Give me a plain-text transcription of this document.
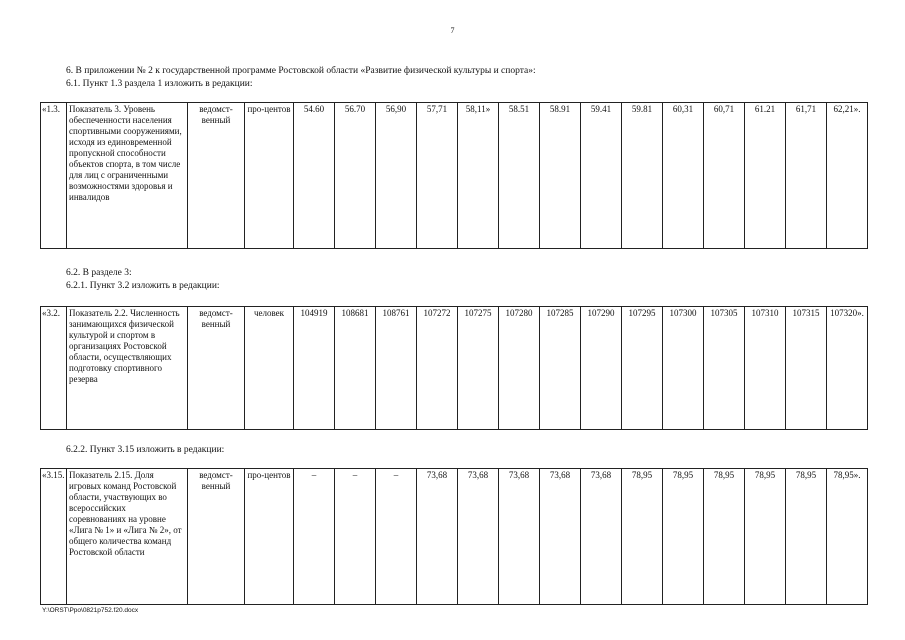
7
6. В приложении № 2 к государственной программе Ростовской области «Развитие физической культуры и спорта»:
6.1. Пункт 1.3 раздела 1 изложить в редакции:
«1.3.	Показатель 3. Уровень обеспеченности населения спортивными сооружениями, исходя из единовременной пропускной способности объектов спорта, в том числе для лиц с ограниченными возможностями здоровья и инвалидов	ведомст-венный	про-центов	54.60	56.70	56,90	57,71	58,11»	58.51	58.91	59.41	59.81	60,31	60,71	61.21	61,71	62,21».
6.2. В разделе 3:
6.2.1. Пункт 3.2 изложить в редакции:
«3.2.	Показатель 2.2. Численность занимающихся физической культурой и спортом в организациях Ростовской области, осуществляющих подготовку спортивного резерва	ведомст-венный	человек	104919	108681	108761	107272	107275	107280	107285	107290	107295	107300	107305	107310	107315	107320».
6.2.2. Пункт 3.15 изложить в редакции:
«3.15.	Показатель 2.15. Доля игровых команд Ростовской области, участвующих во всероссийских соревнованиях на уровне «Лига № 1» и «Лига № 2», от общего количества команд Ростовской области	ведомст-венный	про-центов	–	–	–	73,68	73,68	73,68	73,68	73,68	78,95	78,95	78,95	78,95	78,95	78,95».
Y:\ORST\Ppo\0821p752.f20.docx
